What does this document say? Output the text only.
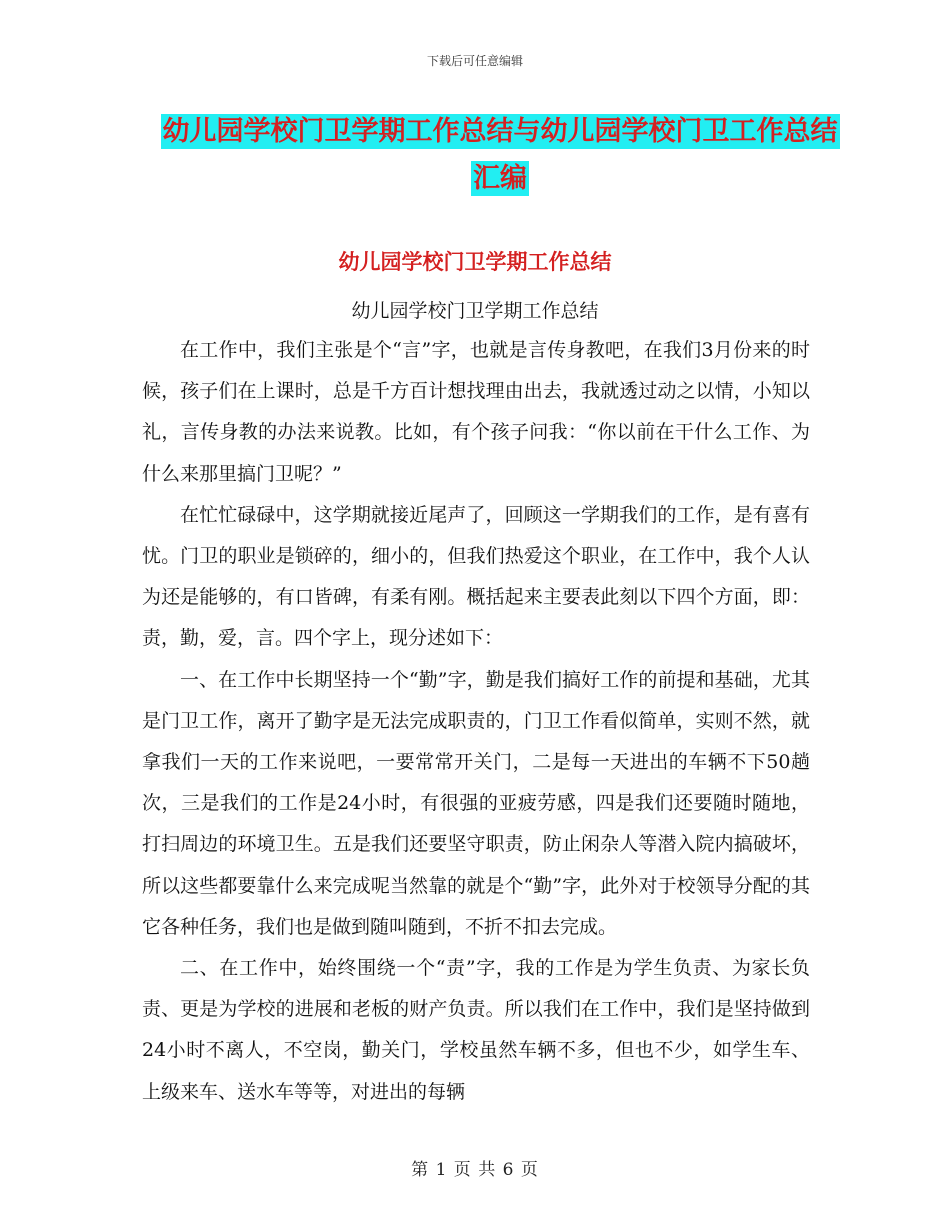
下载后可任意编辑
幼儿园学校门卫学期工作总结与幼儿园学校门卫工作总结汇编
幼儿园学校门卫学期工作总结
幼儿园学校门卫学期工作总结

在工作中，我们主张是个“言”字，也就是言传身教吧，在我们3月份来的时候，孩子们在上课时，总是千方百计想找理由出去，我就透过动之以情，小知以礼，言传身教的办法来说教。比如，有个孩子问我：“你以前在干什么工作、为什么来那里搞门卫呢？”

在忙忙碌碌中，这学期就接近尾声了，回顾这一学期我们的工作，是有喜有忧。门卫的职业是锁碎的，细小的，但我们热爱这个职业，在工作中，我个人认为还是能够的，有口皆碑，有柔有刚。概括起来主要表此刻以下四个方面，即：责，勤，爱，言。四个字上，现分述如下：

一、在工作中长期坚持一个“勤”字，勤是我们搞好工作的前提和基础，尤其是门卫工作，离开了勤字是无法完成职责的，门卫工作看似简单，实则不然，就拿我们一天的工作来说吧，一要常常开关门，二是每一天进出的车辆不下50趟次，三是我们的工作是24小时，有很强的亚疲劳感，四是我们还要随时随地，打扫周边的环境卫生。五是我们还要坚守职责，防止闲杂人等潜入院内搞破坏，所以这些都要靠什么来完成呢当然靠的就是个“勤”字，此外对于校领导分配的其它各种任务，我们也是做到随叫随到，不折不扣去完成。

二、在工作中，始终围绕一个“责”字，我的工作是为学生负责、为家长负责、更是为学校的进展和老板的财产负责。所以我们在工作中，我们是坚持做到24小时不离人，不空岗，勤关门，学校虽然车辆不多，但也不少，如学生车、上级来车、送水车等等，对进出的每辆

第 1 页 共 6 页
